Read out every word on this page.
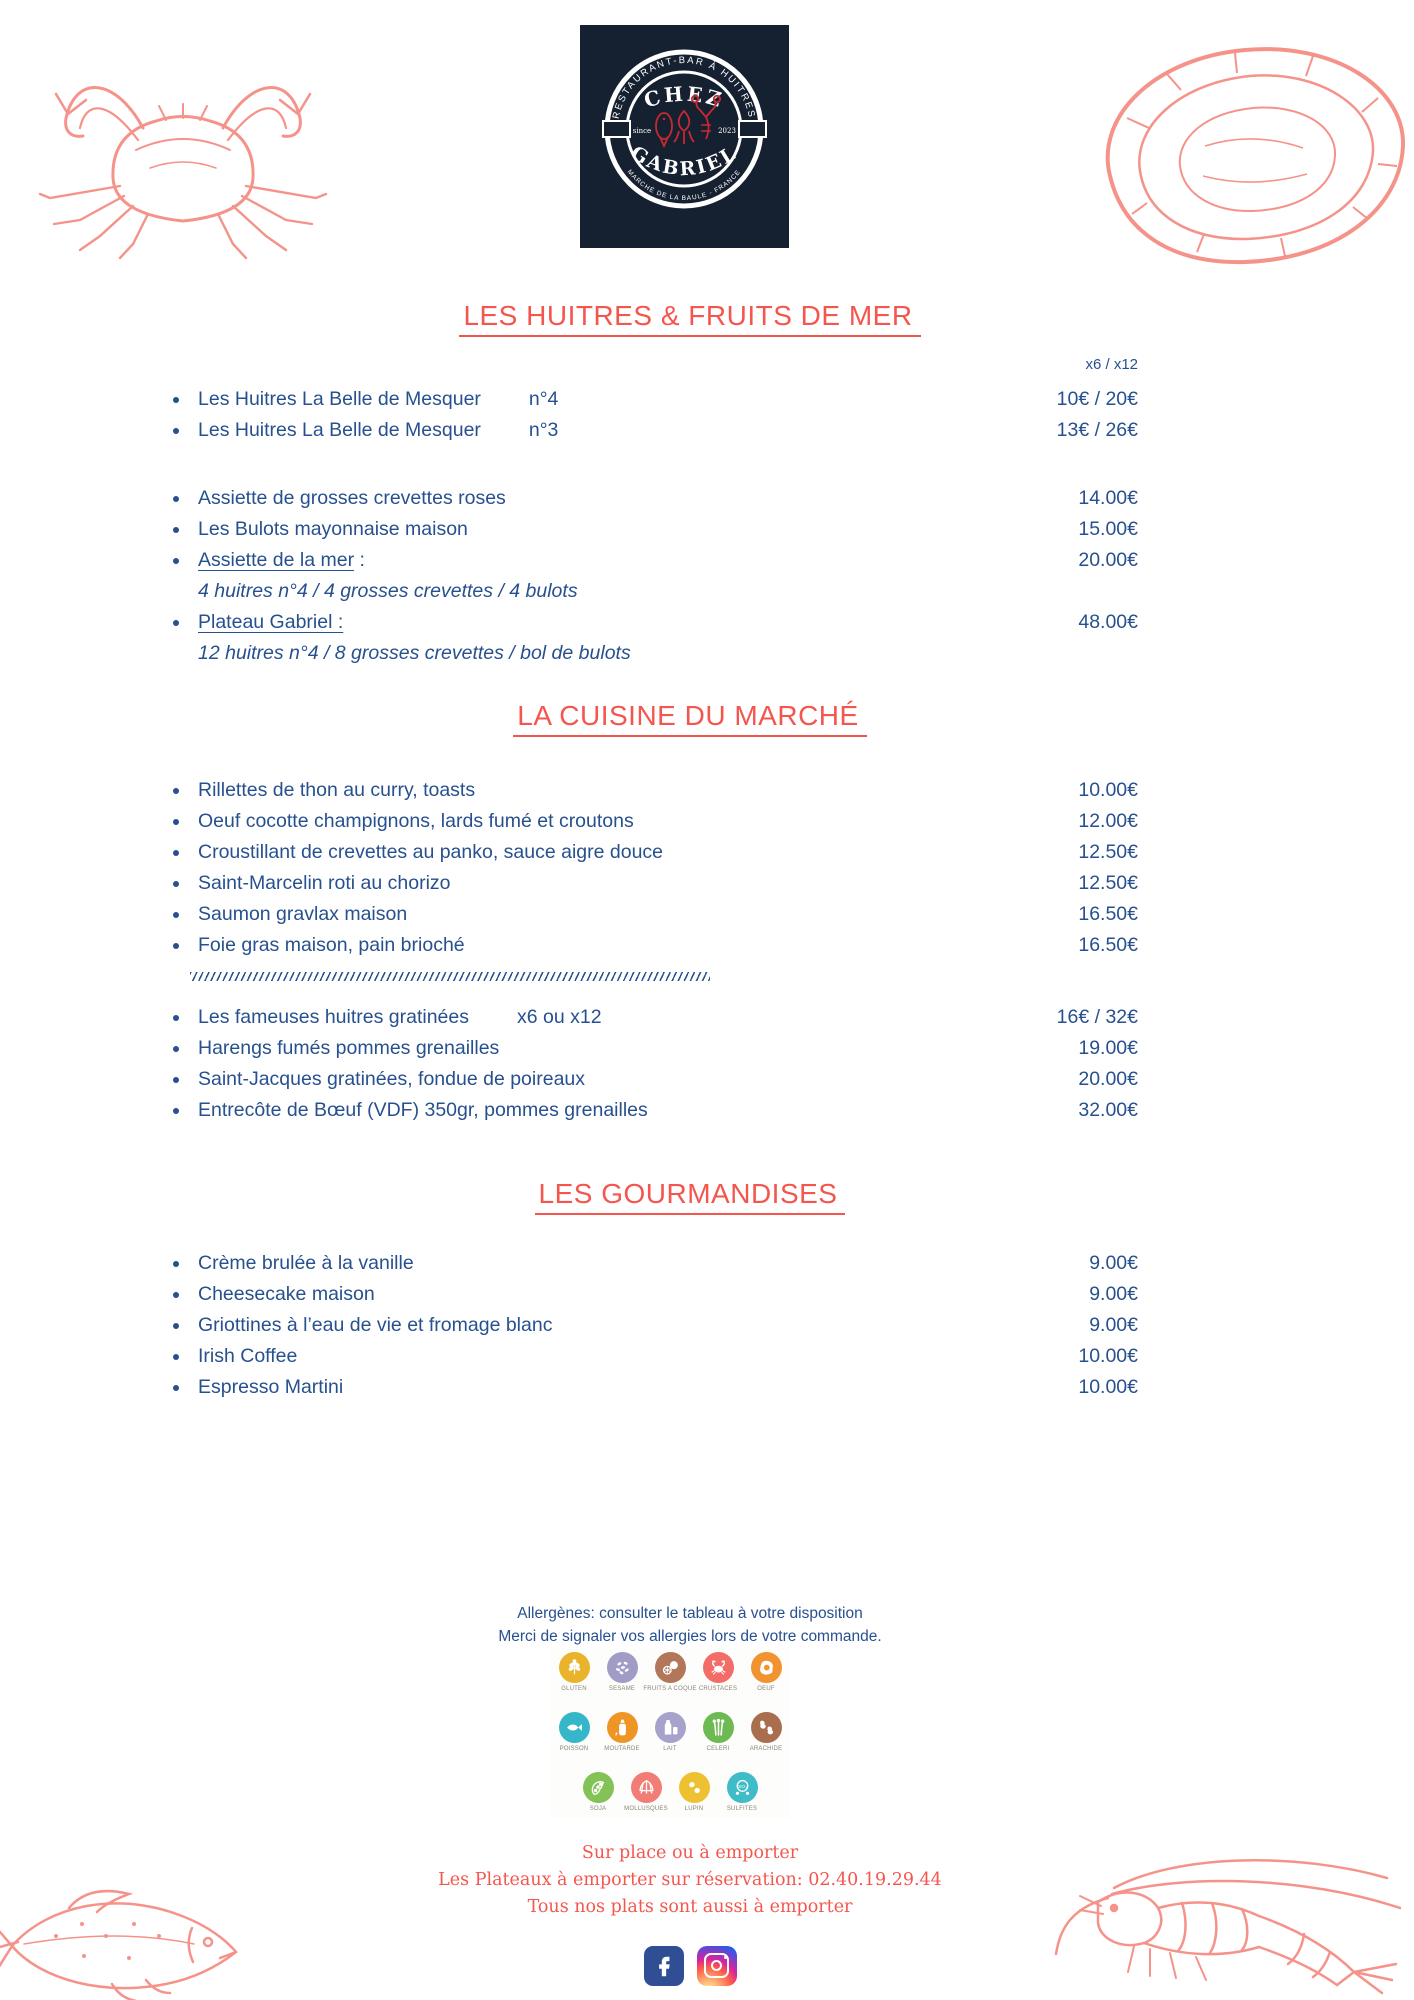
RESTAURANT-BAR À HUITRES
MARCHÉ DE LA BAULE - FRANCE
CHEZ
GABRIEL
since	2023
LES HUITRES & FRUITS DE MER
x6 / x12
Les Huitres La Belle de Mesquer n°4	10€ / 20€
Les Huitres La Belle de Mesquer n°3	13€ / 26€
Assiette de grosses crevettes roses	14.00€
Les Bulots mayonnaise maison	15.00€
Assiette de la mer :	20.00€
4 huitres n°4 / 4 grosses crevettes / 4 bulots
Plateau Gabriel :	48.00€
12 huitres n°4 / 8 grosses crevettes / bol de bulots
LA CUISINE DU MARCHÉ
Rillettes de thon au curry, toasts	10.00€
Oeuf cocotte champignons, lards fumé et croutons	12.00€
Croustillant de crevettes au panko, sauce aigre douce	12.50€
Saint-Marcelin roti au chorizo	12.50€
Saumon gravlax maison	16.50€
Foie gras maison, pain brioché	16.50€
Les fameuses huitres gratinées x6 ou x12	16€ / 32€
Harengs fumés pommes grenailles	19.00€
Saint-Jacques gratinées, fondue de poireaux	20.00€
Entrecôte de Bœuf (VDF) 350gr, pommes grenailles	32.00€
LES GOURMANDISES
Crème brulée à la vanille	9.00€
Cheesecake maison	9.00€
Griottines à l’eau de vie et fromage blanc	9.00€
Irish Coffee	10.00€
Espresso Martini	10.00€
Allergènes: consulter le tableau à votre disposition
Merci de signaler vos allergies lors de votre commande.
GLUTEN	SESAME FRUITS A COQUE CRUSTACES	OEUF
POISSON	MOUTARDE	LAIT	CELERI	ARACHIDE
SOJA	MOLLUSQUES	LUPIN
SO₂
SULFITES
Sur place ou à emporter
Les Plateaux à emporter sur réservation: 02.40.19.29.44
Tous nos plats sont aussi à emporter
